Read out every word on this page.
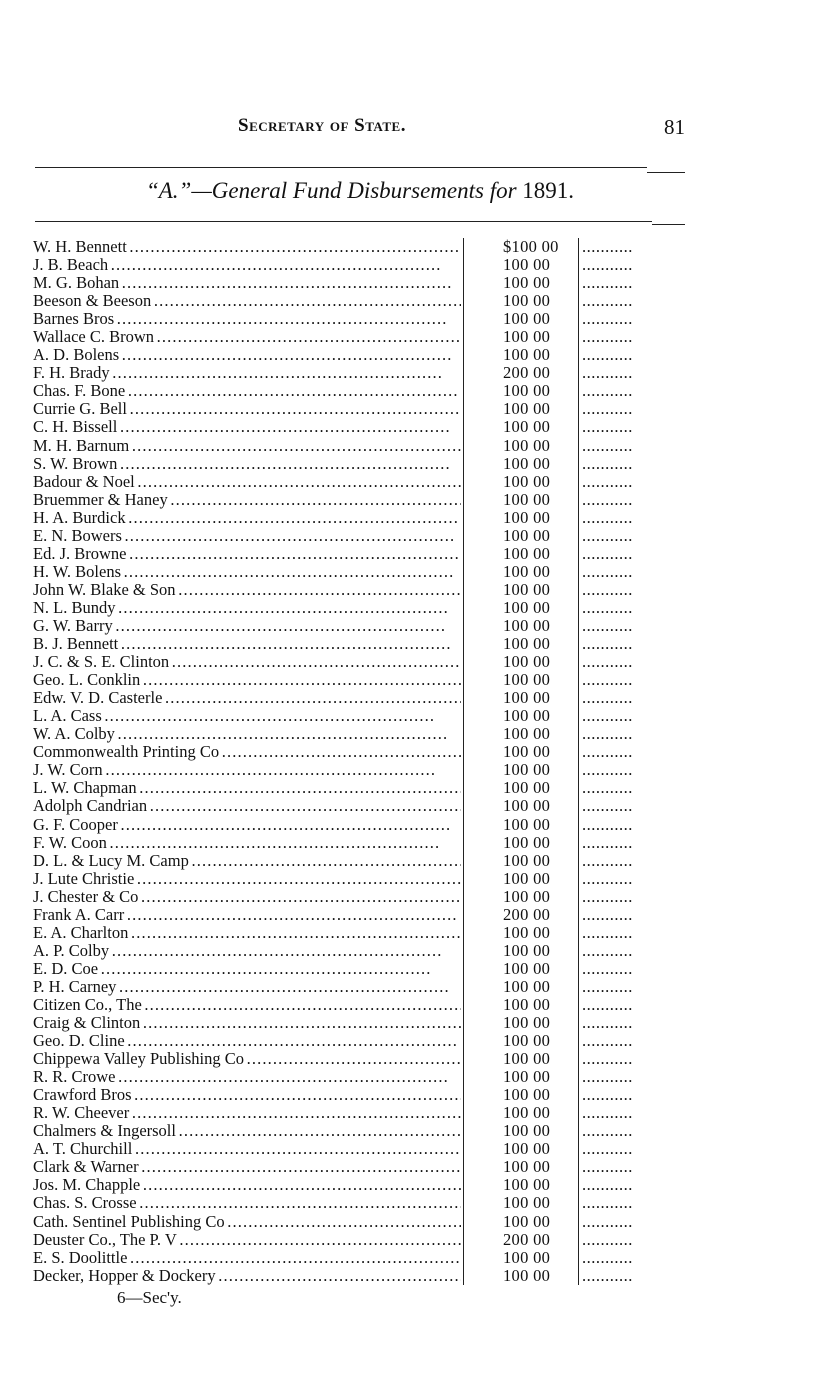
Secretary of State.	81
“A.”—General Fund Disbursements for 1891.
W. H. Bennett . . .	$100 00	...........
J. B. Beach . . .	100 00	...........
M. G. Bohan . . .	100 00	...........
Beeson & Beeson . . .	100 00	...........
Barnes Bros . . .	100 00	...........
Wallace C. Brown . . .	100 00	...........
A. D. Bolens . . .	100 00	...........
F. H. Brady . . .	200 00	...........
Chas. F. Bone . . .	100 00	...........
Currie G. Bell . . .	100 00	...........
C. H. Bissell . . .	100 00	...........
M. H. Barnum . . .	100 00	...........
S. W. Brown . . .	100 00	...........
Badour & Noel . . .	100 00	...........
Bruemmer & Haney . . .	100 00	...........
H. A. Burdick . . .	100 00	...........
E. N. Bowers . . .	100 00	...........
Ed. J. Browne . . .	100 00	...........
H. W. Bolens . . .	100 00	...........
John W. Blake & Son . . .	100 00	...........
N. L. Bundy . . .	100 00	...........
G. W. Barry . . .	100 00	...........
B. J. Bennett . . .	100 00	...........
J. C. & S. E. Clinton . . .	100 00	...........
Geo. L. Conklin . . .	100 00	...........
Edw. V. D. Casterle . . .	100 00	...........
L. A. Cass . . .	100 00	...........
W. A. Colby . . .	100 00	...........
Commonwealth Printing Co . . .	100 00	...........
J. W. Corn . . .	100 00	...........
L. W. Chapman . . .	100 00	...........
Adolph Candrian . . .	100 00	...........
G. F. Cooper . . .	100 00	...........
F. W. Coon . . .	100 00	...........
D. L. & Lucy M. Camp . . .	100 00	...........
J. Lute Christie . . .	100 00	...........
J. Chester & Co . . .	100 00	...........
Frank A. Carr . . .	200 00	...........
E. A. Charlton . . .	100 00	...........
A. P. Colby . . .	100 00	...........
E. D. Coe . . .	100 00	...........
P. H. Carney . . .	100 00	...........
Citizen Co., The . . .	100 00	...........
Craig & Clinton . . .	100 00	...........
Geo. D. Cline . . .	100 00	...........
Chippewa Valley Publishing Co . . .	100 00	...........
R. R. Crowe . . .	100 00	...........
Crawford Bros . . .	100 00	...........
R. W. Cheever . . .	100 00	...........
Chalmers & Ingersoll . . .	100 00	...........
A. T. Churchill . . .	100 00	...........
Clark & Warner . . .	100 00	...........
Jos. M. Chapple . . .	100 00	...........
Chas. S. Crosse . . .	100 00	...........
Cath. Sentinel Publishing Co . . .	100 00	...........
Deuster Co., The P. V . . .	200 00	...........
E. S. Doolittle . . .	100 00	...........
Decker, Hopper & Dockery . . .	100 00	...........
6—Sec'y.
